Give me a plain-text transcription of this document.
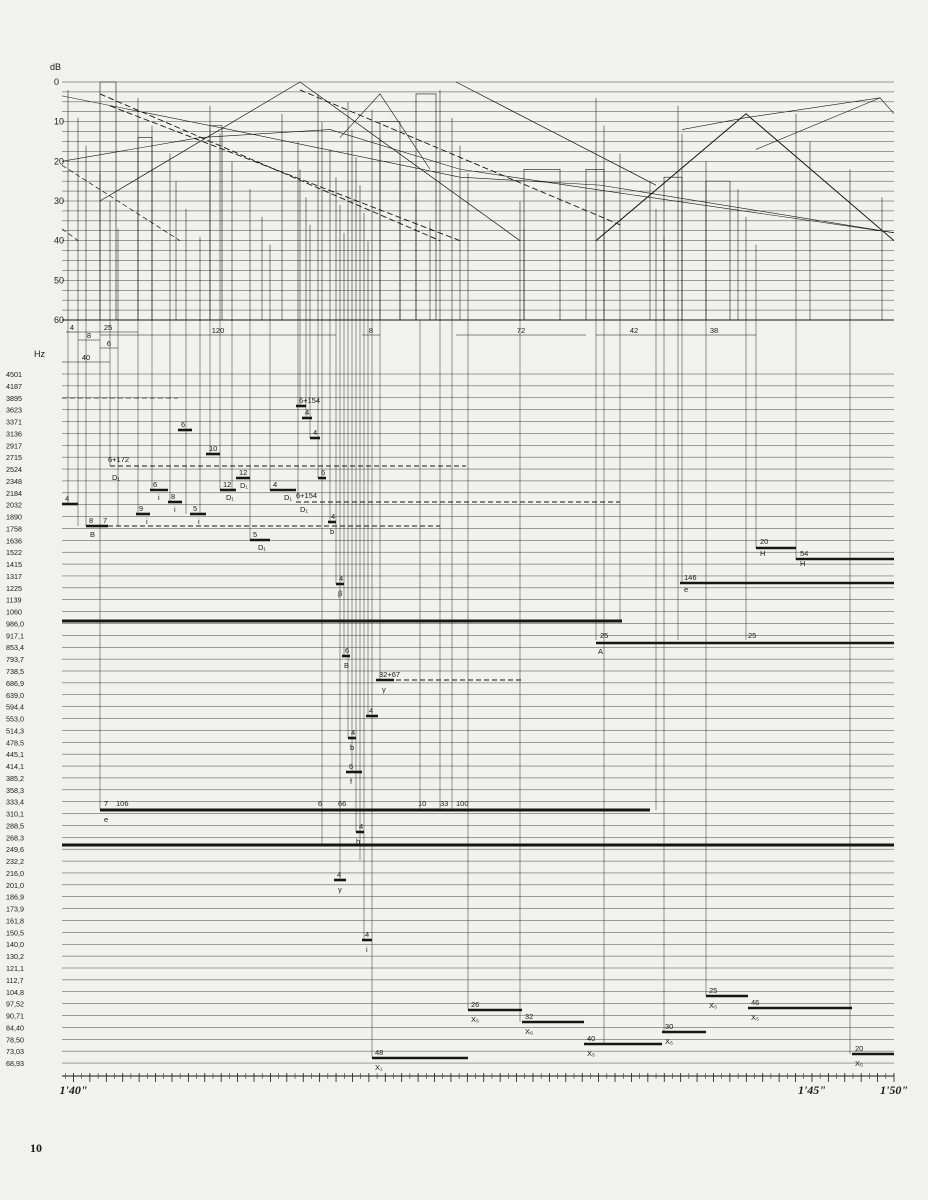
dB
0
10
20
30
40
50
60
Hz
4501
4187
3895
3623
3371
3136
2917
2715
2524
2348
2184
2032
1890
1758
1636
1522
1415
1317
1225
1139
1060
986,0
917,1
853,4
793,7
738,5
686,9
639,0
594,4
553,0
514,3
478,5
445,1
414,1
385,2
358,3
333,4
310,1
288,5
268,3
249,6
232,2
216,0
201,0
186,9
173,9
161,8
150,5
140,0
130,2
121,1
112,7
104,8
97,52
90,71
84,40
78,50
73,03
68,93
1'40"	1'45"	1'50"
10
4
8
6
25
40
120	8	72	42	38
4
8 7
9
6
8
5
6
10
12
12
5
4
6+154
4
4
6
4
4
6
4
6
4
4
4
4
32+67
6+172
6+154
B
i
i
i
i
D₁
D₁
D₁
D₁
D₁
D₁
b
β
B
b
f
h
γ
i
γ
e
A
H
H
e
48
X₁
26
X₅	32
X₆
40
X₅
30
X₅
25
X₅	46
X₅
20
X₅
7 106	6 66	10 33 100
25	25
20
54
146
